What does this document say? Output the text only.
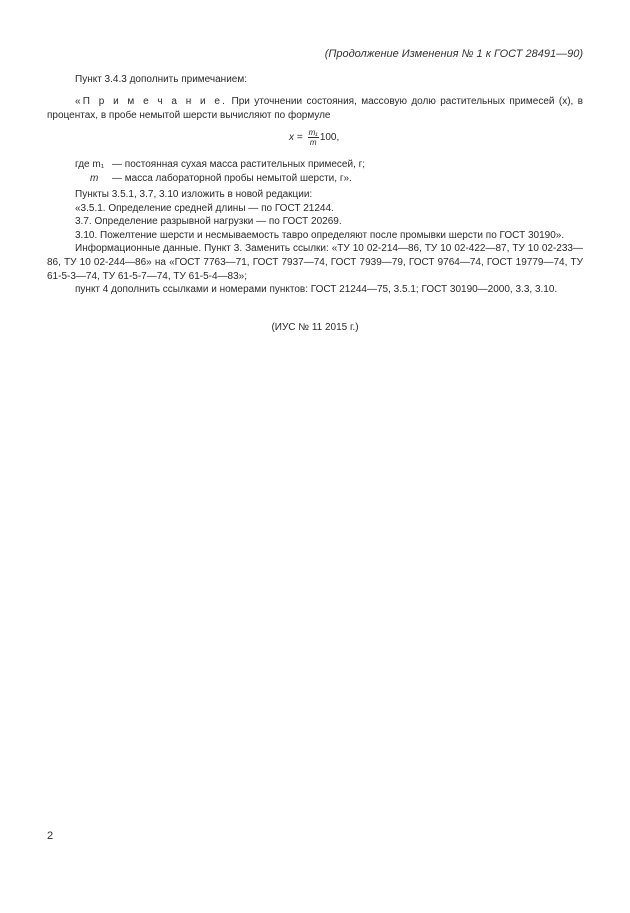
(Продолжение Изменения № 1 к ГОСТ 28491—90)

Пункт 3.4.3 дополнить примечанием:

«П р и м е ч а н и е. При уточнении состояния, массовую долю растительных примесей (x), в процентах, в пробе немытой шерсти вычисляют по формуле

$x = \frac{\text{m₁}}{m} 100$,
где m₁ — постоянная сухая масса растительных примесей, г;
m	— масса лабораторной пробы немытой шерсти, г».

Пункты 3.5.1, 3.7, 3.10 изложить в новой редакции:

«3.5.1. Определение средней длины — по ГОСТ 21244.

3.7. Определение разрывной нагрузки — по ГОСТ 20269.

3.10. Пожелтение шерсти и несмываемость тавро определяют после промывки шерсти по ГОСТ 30190».

Информационные данные. Пункт 3. Заменить ссылки: «ТУ 10 02-214—86, ТУ 10 02-422—87, ТУ 10 02-233—86, ТУ 10 02-244—86» на «ГОСТ 7763—71, ГОСТ 7937—74, ГОСТ 7939—79, ГОСТ 9764—74, ГОСТ 19779—74, ТУ 61-5-3—74, ТУ 61-5-7—74, ТУ 61-5-4—83»;

пункт 4 дополнить ссылками и номерами пунктов: ГОСТ 21244—75, 3.5.1; ГОСТ 30190—2000, 3.3, 3.10.

(ИУС № 11 2015 г.)
2
